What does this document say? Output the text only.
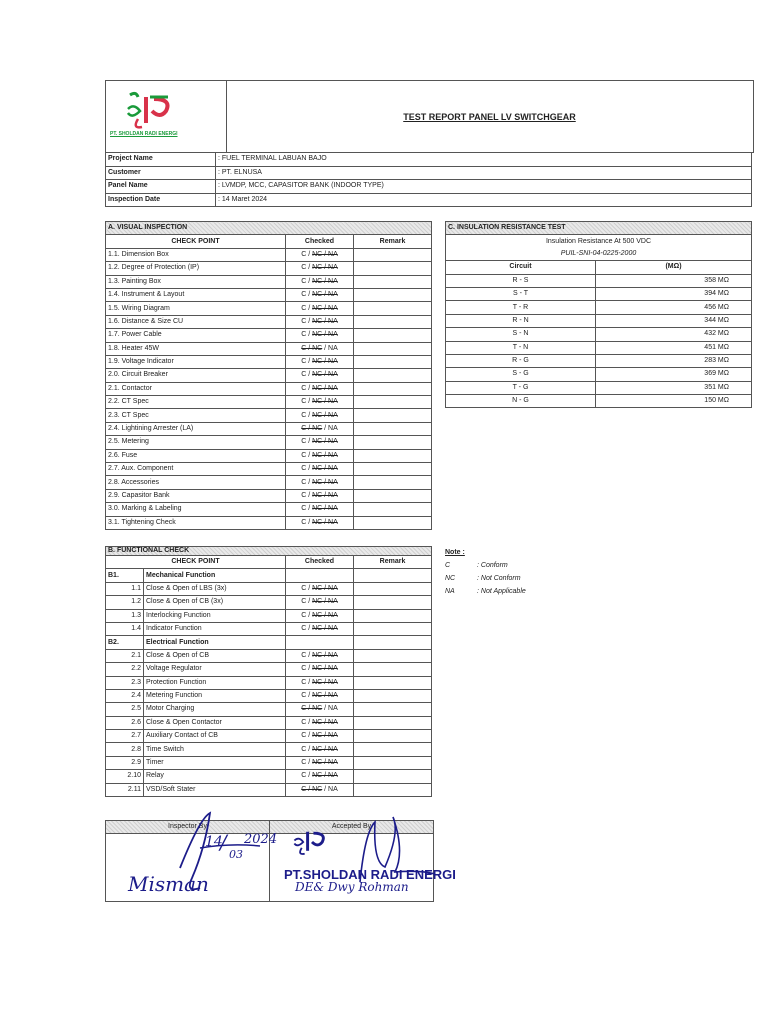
PT. SHOLDAN RADI ENERGI
TEST REPORT PANEL LV SWITCHGEAR
Project Name	: FUEL TERMINAL LABUAN BAJO
Customer	: PT. ELNUSA
Panel Name	: LVMDP, MCC, CAPASITOR BANK (INDOOR TYPE)
Inspection Date	: 14 Maret 2024
A. VISUAL INSPECTION		
CHECK POINT	Checked	Remark
1.1. Dimension Box	C / NC / NA	
1.2. Degree of Protection (IP)	C / NC / NA	
1.3. Painting Box	C / NC / NA	
1.4. Instrument & Layout	C / NC / NA	
1.5. Wiring Diagram	C / NC / NA	
1.6. Distance & Size CU	C / NC / NA	
1.7. Power Cable	C / NC / NA	
1.8. Heater 45W	C / NC / NA	
1.9. Voltage Indicator	C / NC / NA	
2.0. Circuit Breaker	C / NC / NA	
2.1. Contactor	C / NC / NA	
2.2. CT Spec	C / NC / NA	
2.3. CT Spec	C / NC / NA	
2.4. Lightining Arrester (LA)	C / NC / NA	
2.5. Metering	C / NC / NA	
2.6. Fuse	C / NC / NA	
2.7. Aux. Component	C / NC / NA	
2.8. Accessories	C / NC / NA	
2.9. Capasitor Bank	C / NC / NA	
3.0. Marking & Labeling	C / NC / NA	
3.1. Tightening Check	C / NC / NA	
C. INSULATION RESISTANCE TEST	
Insulation Resistance At 500 VDC	
PUIL-SNI-04-0225-2000	
Circuit	(MΩ)
R - S	358 MΩ
S - T	394 MΩ
T - R	456 MΩ
R - N	344 MΩ
S - N	432 MΩ
T - N	451 MΩ
R - G	283 MΩ
S - G	369 MΩ
T - G	351 MΩ
N - G	150 MΩ
B. FUNCTIONAL CHECK			
CHECK POINT		Checked	Remark
B1.	Mechanical Function		
1.1	Close & Open of LBS (3x)	C / NC / NA	
1.2	Close & Open of CB (3x)	C / NC / NA	
1.3	Interlocking Function	C / NC / NA	
1.4	Indicator Function	C / NC / NA	
B2.	Electrical Function		
2.1	Close & Open of CB	C / NC / NA	
2.2	Voltage Regulator	C / NC / NA	
2.3	Protection Function	C / NC / NA	
2.4	Metering Function	C / NC / NA	
2.5	Motor Charging	C / NC / NA	
2.6	Close & Open Contactor	C / NC / NA	
2.7	Auxiliary Contact of CB	C / NC / NA	
2.8	Time Switch	C / NC / NA	
2.9	Timer	C / NC / NA	
2.10	Relay	C / NC / NA	
2.11	VSD/Soft Stater	C / NC / NA	
Note :
C	: Conform
NC	: Not Conform
NA	: Not Applicable
Inspector By	Accepted By
14
/
03
2024
Misman	PT.SHOLDAN RADI ENERGI
DE& Dwy Rohman
